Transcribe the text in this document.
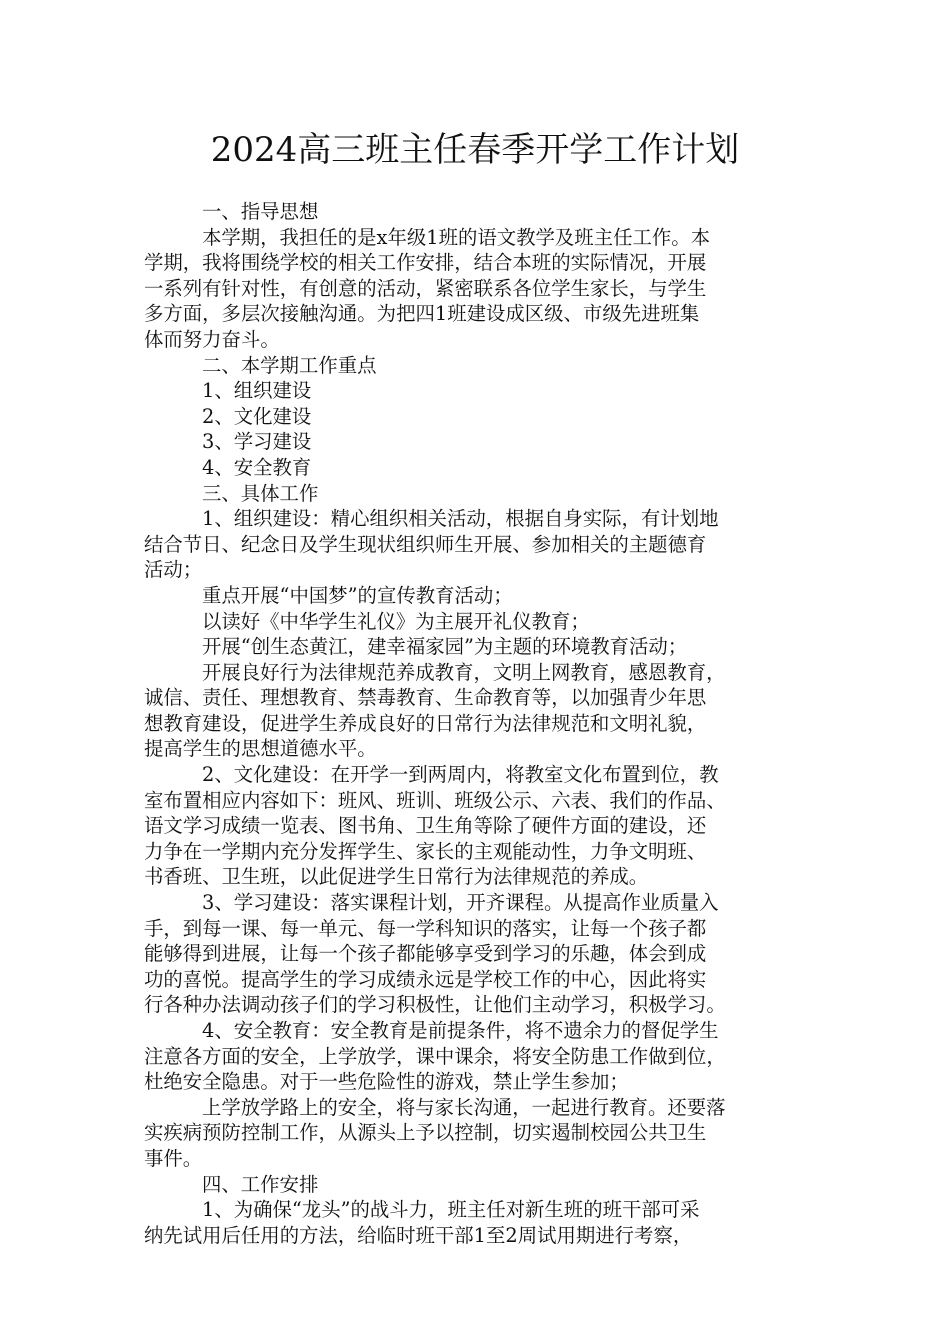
2024高三班主任春季开学工作计划
一、指导思想
本学期，我担任的是x年级1班的语文教学及班主任工作。本
学期，我将围绕学校的相关工作安排，结合本班的实际情况，开展
一系列有针对性，有创意的活动，紧密联系各位学生家长，与学生
多方面，多层次接触沟通。为把四1班建设成区级、市级先进班集
体而努力奋斗。
二、本学期工作重点
1、组织建设
2、文化建设
3、学习建设
4、安全教育
三、具体工作
1、组织建设：精心组织相关活动，根据自身实际，有计划地
结合节日、纪念日及学生现状组织师生开展、参加相关的主题德育
活动；
重点开展“中国梦”的宣传教育活动；
以读好《中华学生礼仪》为主展开礼仪教育；
开展“创生态黄江，建幸福家园”为主题的环境教育活动；
开展良好行为法律规范养成教育，文明上网教育，感恩教育，
诚信、责任、理想教育、禁毒教育、生命教育等，以加强青少年思
想教育建设，促进学生养成良好的日常行为法律规范和文明礼貌，
提高学生的思想道德水平。
2、文化建设：在开学一到两周内，将教室文化布置到位，教
室布置相应内容如下：班风、班训、班级公示、六表、我们的作品、
语文学习成绩一览表、图书角、卫生角等除了硬件方面的建设，还
力争在一学期内充分发挥学生、家长的主观能动性，力争文明班、
书香班、卫生班，以此促进学生日常行为法律规范的养成。
3、学习建设：落实课程计划，开齐课程。从提高作业质量入
手，到每一课、每一单元、每一学科知识的落实，让每一个孩子都
能够得到进展，让每一个孩子都能够享受到学习的乐趣，体会到成
功的喜悦。提高学生的学习成绩永远是学校工作的中心，因此将实
行各种办法调动孩子们的学习积极性，让他们主动学习，积极学习。
4、安全教育：安全教育是前提条件，将不遗余力的督促学生
注意各方面的安全，上学放学，课中课余，将安全防患工作做到位，
杜绝安全隐患。对于一些危险性的游戏，禁止学生参加；
上学放学路上的安全，将与家长沟通，一起进行教育。还要落
实疾病预防控制工作，从源头上予以控制，切实遏制校园公共卫生
事件。
四、工作安排
1、为确保“龙头”的战斗力，班主任对新生班的班干部可采
纳先试用后任用的方法，给临时班干部1至2周试用期进行考察，
